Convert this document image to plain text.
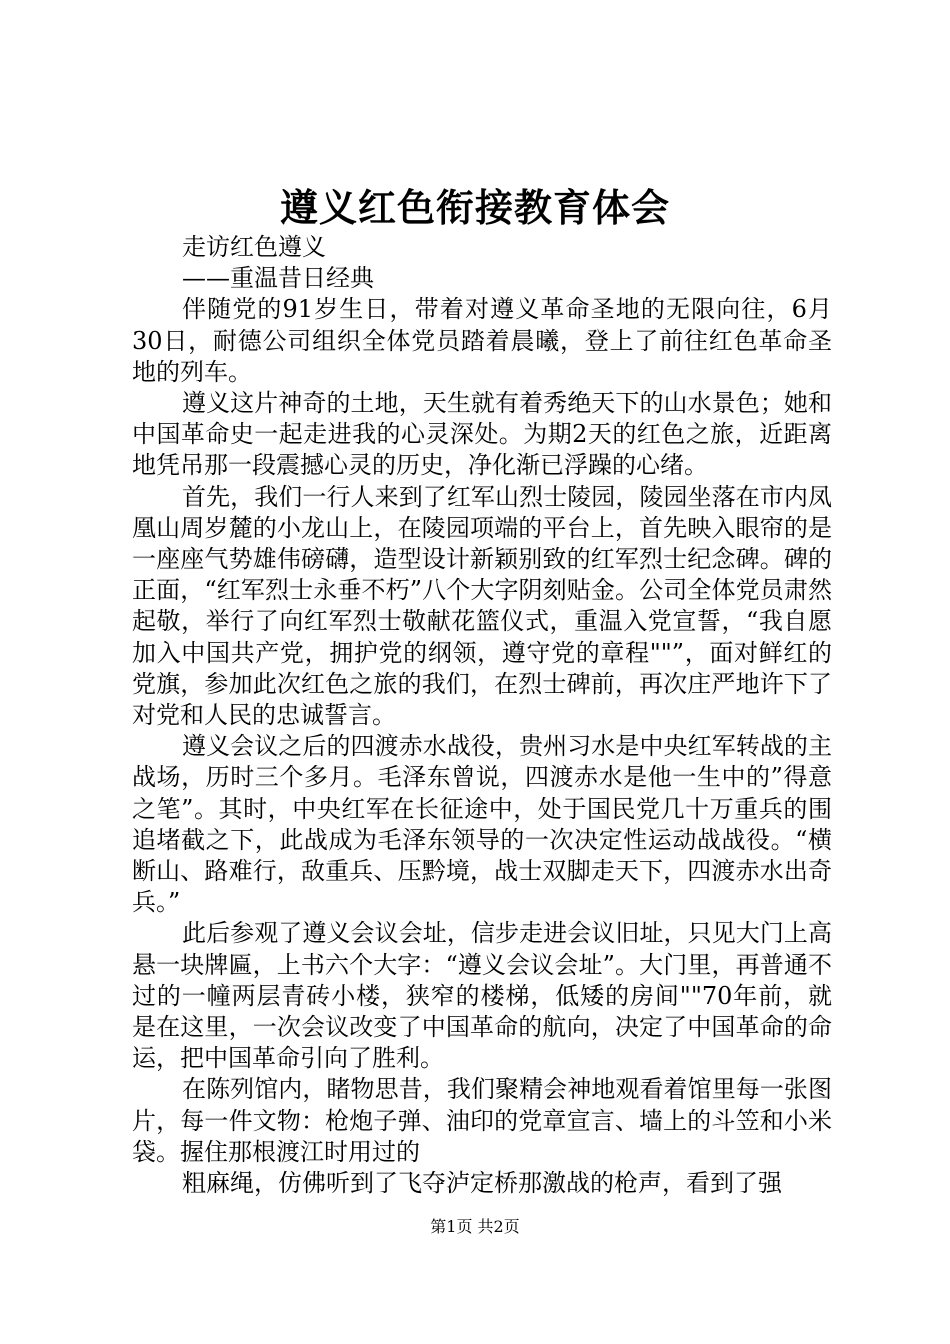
遵义红色衔接教育体会

走访红色遵义

——重温昔日经典

伴随党的91岁生日，带着对遵义革命圣地的无限向往，6月30日，耐德公司组织全体党员踏着晨曦，登上了前往红色革命圣地的列车。

遵义这片神奇的土地，天生就有着秀绝天下的山水景色；她和中国革命史一起走进我的心灵深处。为期2天的红色之旅，近距离地凭吊那一段震撼心灵的历史，净化渐已浮躁的心绪。

首先，我们一行人来到了红军山烈士陵园，陵园坐落在市内凤凰山周岁麓的小龙山上，在陵园项端的平台上，首先映入眼帘的是一座座气势雄伟磅礴，造型设计新颖别致的红军烈士纪念碑。碑的正面，“红军烈士永垂不朽”八个大字阴刻贴金。公司全体党员肃然起敬，举行了向红军烈士敬献花篮仪式，重温入党宣誓，“我自愿加入中国共产党，拥护党的纲领，遵守党的章程""”，面对鲜红的党旗，参加此次红色之旅的我们，在烈士碑前，再次庄严地许下了对党和人民的忠诚誓言。

遵义会议之后的四渡赤水战役，贵州习水是中央红军转战的主战场，历时三个多月。毛泽东曾说，四渡赤水是他一生中的”得意之笔”。其时，中央红军在长征途中，处于国民党几十万重兵的围追堵截之下，此战成为毛泽东领导的一次决定性运动战战役。“横断山、路难行，敌重兵、压黔境，战士双脚走天下，四渡赤水出奇兵。”

此后参观了遵义会议会址，信步走进会议旧址，只见大门上高悬一块牌匾，上书六个大字：“遵义会议会址”。大门里，再普通不过的一幢两层青砖小楼，狭窄的楼梯，低矮的房间""70年前，就是在这里，一次会议改变了中国革命的航向，决定了中国革命的命运，把中国革命引向了胜利。

在陈列馆内，睹物思昔，我们聚精会神地观看着馆里每一张图片，每一件文物：枪炮子弹、油印的党章宣言、墙上的斗笠和小米袋。握住那根渡江时用过的

粗麻绳，仿佛听到了飞夺泸定桥那激战的枪声，看到了强

第1页 共2页
